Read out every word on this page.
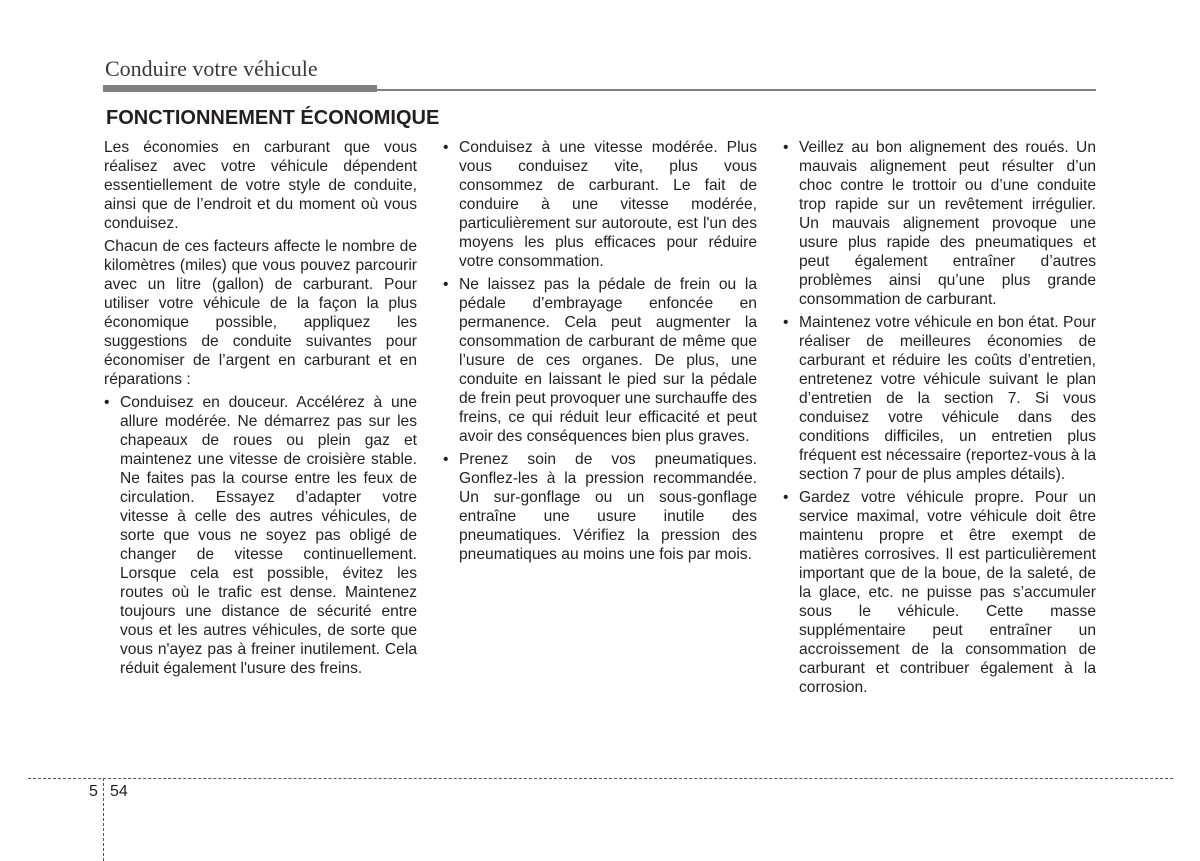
Conduire votre véhicule
FONCTIONNEMENT ÉCONOMIQUE

Les économies en carburant que vous réalisez avec votre véhicule dépendent essentiellement de votre style de conduite, ainsi que de l’endroit et du moment où vous conduisez.

Chacun de ces facteurs affecte le nombre de kilomètres (miles) que vous pouvez parcourir avec un litre (gallon) de carburant. Pour utiliser votre véhicule de la façon la plus économique possible, appliquez les suggestions de conduite suivantes pour économiser de l’argent en carburant et en réparations :

• Conduisez en douceur. Accélérez à une allure modérée. Ne démarrez pas sur les chapeaux de roues ou plein gaz et maintenez une vitesse de croisière stable. Ne faites pas la course entre les feux de circulation. Essayez d’adapter votre vitesse à celle des autres véhicules, de sorte que vous ne soyez pas obligé de changer de vitesse continuellement. Lorsque cela est possible, évitez les routes où le trafic est dense. Maintenez toujours une distance de sécurité entre vous et les autres véhicules, de sorte que vous n'ayez pas à freiner inutilement. Cela réduit également l'usure des freins.
• Conduisez à une vitesse modérée. Plus vous conduisez vite, plus vous consommez de carburant. Le fait de conduire à une vitesse modérée, particulièrement sur autoroute, est l'un des moyens les plus efficaces pour réduire votre consommation.
• Ne laissez pas la pédale de frein ou la pédale d’embrayage enfoncée en permanence. Cela peut augmenter la consommation de carburant de même que l’usure de ces organes. De plus, une conduite en laissant le pied sur la pédale de frein peut provoquer une surchauffe des freins, ce qui réduit leur efficacité et peut avoir des conséquences bien plus graves.
• Prenez soin de vos pneumatiques. Gonflez-les à la pression recommandée. Un sur-gonflage ou un sous-gonflage entraîne une usure inutile des pneumatiques. Vérifiez la pression des pneumatiques au moins une fois par mois.
• Veillez au bon alignement des roués. Un mauvais alignement peut résulter d’un choc contre le trottoir ou d’une conduite trop rapide sur un revêtement irrégulier. Un mauvais alignement provoque une usure plus rapide des pneumatiques et peut également entraîner d’autres problèmes ainsi qu’une plus grande consommation de carburant.
• Maintenez votre véhicule en bon état. Pour réaliser de meilleures économies de carburant et réduire les coûts d’entretien, entretenez votre véhicule suivant le plan d’entretien de la section 7. Si vous conduisez votre véhicule dans des conditions difficiles, un entretien plus fréquent est nécessaire (reportez-vous à la section 7 pour de plus amples détails).
• Gardez votre véhicule propre. Pour un service maximal, votre véhicule doit être maintenu propre et être exempt de matières corrosives. Il est particulièrement important que de la boue, de la saleté, de la glace, etc. ne puisse pas s’accumuler sous le véhicule. Cette masse supplémentaire peut entraîner un accroissement de la consommation de carburant et contribuer également à la corrosion.
5 54
